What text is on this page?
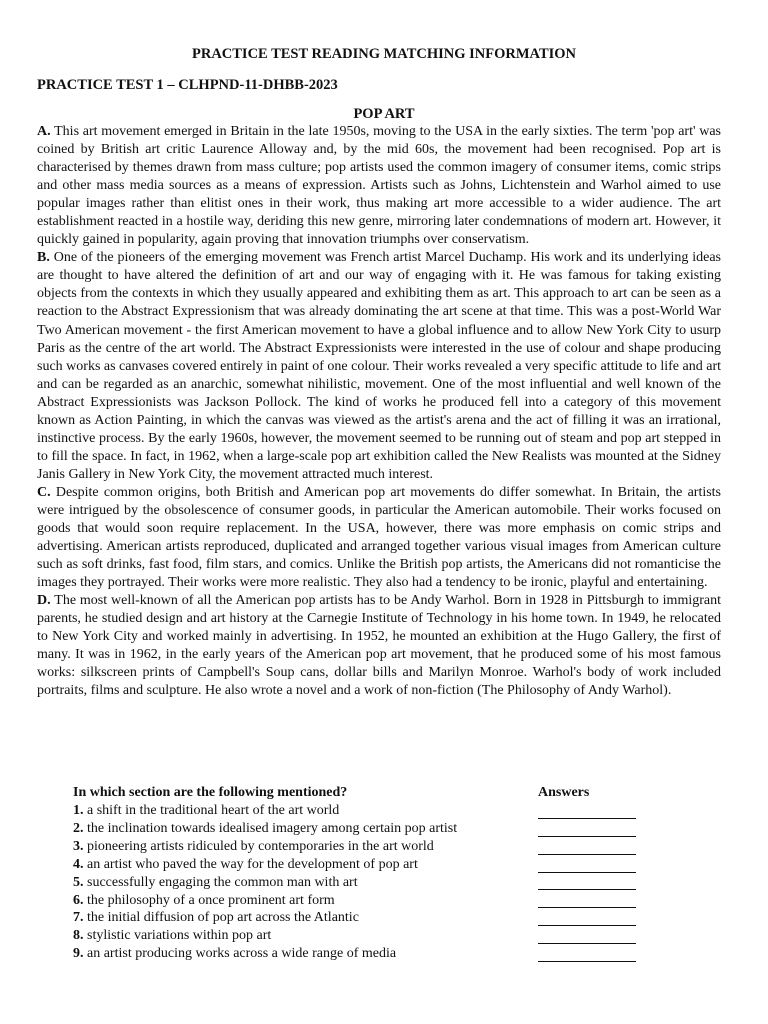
PRACTICE TEST READING MATCHING INFORMATION
PRACTICE TEST 1 – CLHPND-11-DHBB-2023
POP ART

A. This art movement emerged in Britain in the late 1950s, moving to the USA in the early sixties. The term 'pop art' was coined by British art critic Laurence Alloway and, by the mid 60s, the movement had been recognised. Pop art is characterised by themes drawn from mass culture; pop artists used the common imagery of consumer items, comic strips and other mass media sources as a means of expression. Artists such as Johns, Lichtenstein and Warhol aimed to use popular images rather than elitist ones in their work, thus making art more accessible to a wider audience. The art establishment reacted in a hostile way, deriding this new genre, mirroring later condemnations of modern art. However, it quickly gained in popularity, again proving that innovation triumphs over conservatism.

B. One of the pioneers of the emerging movement was French artist Marcel Duchamp. His work and its underlying ideas are thought to have altered the definition of art and our way of engaging with it. He was famous for taking existing objects from the contexts in which they usually appeared and exhibiting them as art. This approach to art can be seen as a reaction to the Abstract Expressionism that was already dominating the art scene at that time. This was a post-World War Two American movement - the first American movement to have a global influence and to allow New York City to usurp Paris as the centre of the art world. The Abstract Expressionists were interested in the use of colour and shape producing such works as canvases covered entirely in paint of one colour. Their works revealed a very specific attitude to life and art and can be regarded as an anarchic, somewhat nihilistic, movement. One of the most influential and well known of the Abstract Expressionists was Jackson Pollock. The kind of works he produced fell into a category of this movement known as Action Painting, in which the canvas was viewed as the artist's arena and the act of filling it was an irrational, instinctive process. By the early 1960s, however, the movement seemed to be running out of steam and pop art stepped in to fill the space. In fact, in 1962, when a large-scale pop art exhibition called the New Realists was mounted at the Sidney Janis Gallery in New York City, the movement attracted much interest.

C. Despite common origins, both British and American pop art movements do differ somewhat. In Britain, the artists were intrigued by the obsolescence of consumer goods, in particular the American automobile. Their works focused on goods that would soon require replacement. In the USA, however, there was more emphasis on comic strips and advertising. American artists reproduced, duplicated and arranged together various visual images from American culture such as soft drinks, fast food, film stars, and comics. Unlike the British pop artists, the Americans did not romanticise the images they portrayed. Their works were more realistic. They also had a tendency to be ironic, playful and entertaining.

D. The most well-known of all the American pop artists has to be Andy Warhol. Born in 1928 in Pittsburgh to immigrant parents, he studied design and art history at the Carnegie Institute of Technology in his home town. In 1949, he relocated to New York City and worked mainly in advertising. In 1952, he mounted an exhibition at the Hugo Gallery, the first of many. It was in 1962, in the early years of the American pop art movement, that he produced some of his most famous works: silkscreen prints of Campbell's Soup cans, dollar bills and Marilyn Monroe. Warhol's body of work included portraits, films and sculpture. He also wrote a novel and a work of non-fiction (The Philosophy of Andy Warhol).

In which section are the following mentioned?	Answers
1. a shift in the traditional heart of the art world
2. the inclination towards idealised imagery among certain pop artist
3. pioneering artists ridiculed by contemporaries in the art world
4. an artist who paved the way for the development of pop art
5. successfully engaging the common man with art
6. the philosophy of a once prominent art form
7. the initial diffusion of pop art across the Atlantic
8. stylistic variations within pop art
9. an artist producing works across a wide range of media
